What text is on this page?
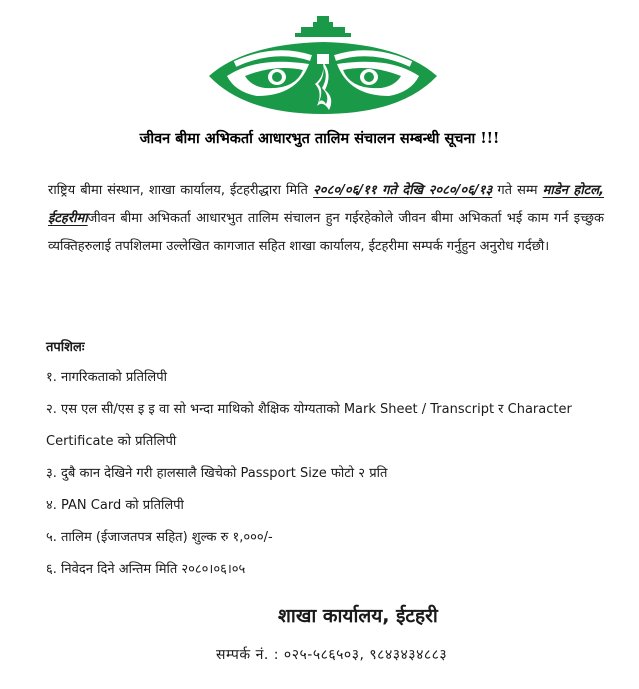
जीवन बीमा अभिकर्ता आधारभुत तालिम संचालन सम्बन्धी सूचना !!!
राष्ट्रिय बीमा संस्थान, शाखा कार्यालय, ईटहरीद्धारा मिति २०८०/०६/११ गते देखि २०८०/०६/१३ गते सम्म माडेन होटल, ईटहरीमाजीवन बीमा अभिकर्ता आधारभुत तालिम संचालन हुन गईरहेकोले जीवन बीमा अभिकर्ता भई काम गर्न इच्छुक व्यक्तिहरुलाई तपशिलमा उल्लेखित कागजात सहित शाखा कार्यालय, ईटहरीमा सम्पर्क गर्नुहुन अनुरोध गर्दछौ।
तपशिलः
१. नागरिकताको प्रतिलिपी
२. एस एल सी/एस इ इ वा सो भन्दा माथिको शैक्षिक योग्यताको Mark Sheet / Transcript र Character Certificate को प्रतिलिपी
३. दुबै कान देखिने गरी हालसालै खिचेको Passport Size फोटो २ प्रति
४. PAN Card को प्रतिलिपी
५. तालिम (ईजाजतपत्र सहित) शुल्क रु १,०००/-
६. निवेदन दिने अन्तिम मिति २०८०।०६।०५
शाखा कार्यालय, ईटहरी
सम्पर्क नं. : ०२५-५८६५०३, ९८४३४३४८८३
